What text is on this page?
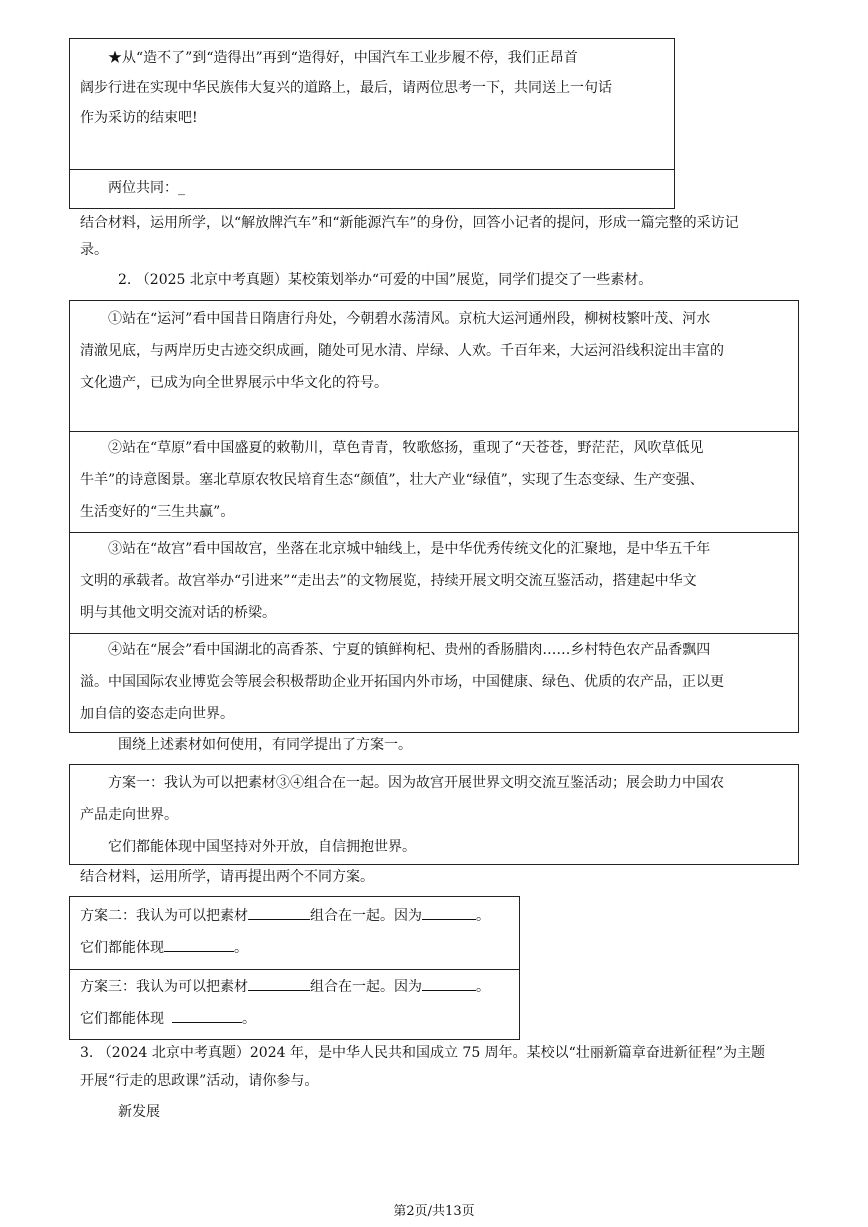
★从“造不了”到“造得出”再到“造得好，中国汽车工业步履不停，我们正昂首
阔步行进在实现中华民族伟大复兴的道路上，最后，请两位思考一下，共同送上一句话
作为采访的结束吧!
两位共同：_
结合材料，运用所学，以“解放牌汽车”和“新能源汽车”的身份，回答小记者的提问，形成一篇完整的采访记
录。
2. （2025 北京中考真题）某校策划举办“可爱的中国”展览，同学们提交了一些素材。
①站在“运河”看中国昔日隋唐行舟处，今朝碧水荡清风。京杭大运河通州段，柳树枝繁叶茂、河水
清澈见底，与两岸历史古迹交织成画，随处可见水清、岸绿、人欢。千百年来，大运河沿线积淀出丰富的
文化遗产，已成为向全世界展示中华文化的符号。
②站在“草原”看中国盛夏的敕勒川，草色青青，牧歌悠扬，重现了“天苍苍，野茫茫，风吹草低见
牛羊”的诗意图景。塞北草原农牧民培育生态“颜值”，壮大产业“绿值”，实现了生态变绿、生产变强、
生活变好的“三生共赢”。
③站在“故宫”看中国故宫，坐落在北京城中轴线上，是中华优秀传统文化的汇聚地，是中华五千年
文明的承载者。故宫举办“引进来”“走出去”的文物展览，持续开展文明交流互鉴活动，搭建起中华文
明与其他文明交流对话的桥梁。
④站在“展会”看中国湖北的高香茶、宁夏的镇鲜枸杞、贵州的香肠腊肉……乡村特色农产品香飘四
溢。中国国际农业博览会等展会积极帮助企业开拓国内外市场，中国健康、绿色、优质的农产品，正以更
加自信的姿态走向世界。
围绕上述素材如何使用，有同学提出了方案一。
方案一：我认为可以把素材③④组合在一起。因为故宫开展世界文明交流互鉴活动；展会助力中国农
产品走向世界。
它们都能体现中国坚持对外开放，自信拥抱世界。
结合材料，运用所学，请再提出两个不同方案。
方案二：我认为可以把素材	组合在一起。因为	。
它们都能体现	。
方案三：我认为可以把素材	组合在一起。因为	。
它们都能体现	。
3. （2024 北京中考真题）2024 年，是中华人民共和国成立 75 周年。某校以“壮丽新篇章奋进新征程”为主题
开展“行走的思政课”活动，请你参与。
新发展
第2页/共13页
